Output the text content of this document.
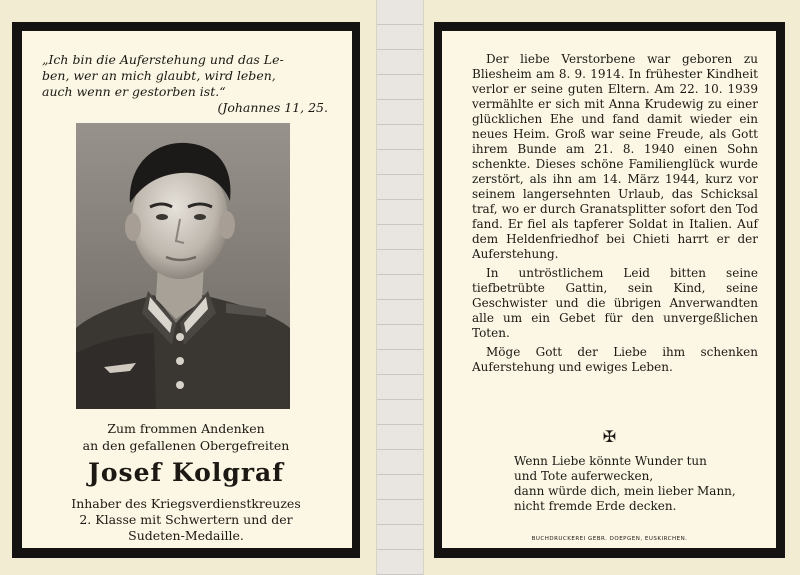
„Ich bin die Auferstehung und das Le-
ben, wer an mich glaubt, wird leben,
auch wenn er gestorben ist.“
(Johannes 11, 25.
Zum frommen Andenken
an den gefallenen Obergefreiten
Josef Kolgraf
Inhaber des Kriegsverdienstkreuzes
2. Klasse mit Schwertern und der
Sudeten-Medaille.

Der liebe Verstorbene war geboren zu Bliesheim am 8. 9. 1914. In frühester Kindheit verlor er seine guten Eltern. Am 22. 10. 1939 vermählte er sich mit Anna Krudewig zu einer glücklichen Ehe und fand damit wieder ein neues Heim. Groß war seine Freude, als Gott ihrem Bunde am 21. 8. 1940 einen Sohn schenkte. Dieses schöne Familienglück wurde zerstört, als ihn am 14. März 1944, kurz vor seinem langersehnten Urlaub, das Schicksal traf, wo er durch Granatsplitter sofort den Tod fand. Er fiel als tapferer Soldat in Italien. Auf dem Heldenfriedhof bei Chieti harrt er der Auferstehung.

In untröstlichem Leid bitten seine tiefbetrübte Gattin, sein Kind, seine Geschwister und die übrigen Anverwandten alle um ein Gebet für den unvergeßlichen Toten.

Möge Gott der Liebe ihm schenken Auferstehung und ewiges Leben.

✠
Wenn Liebe könnte Wunder tun
und Tote auferwecken,
dann würde dich, mein lieber Mann,
nicht fremde Erde decken.
BUCHDRUCKEREI GEBR. DOEPGEN, EUSKIRCHEN.
